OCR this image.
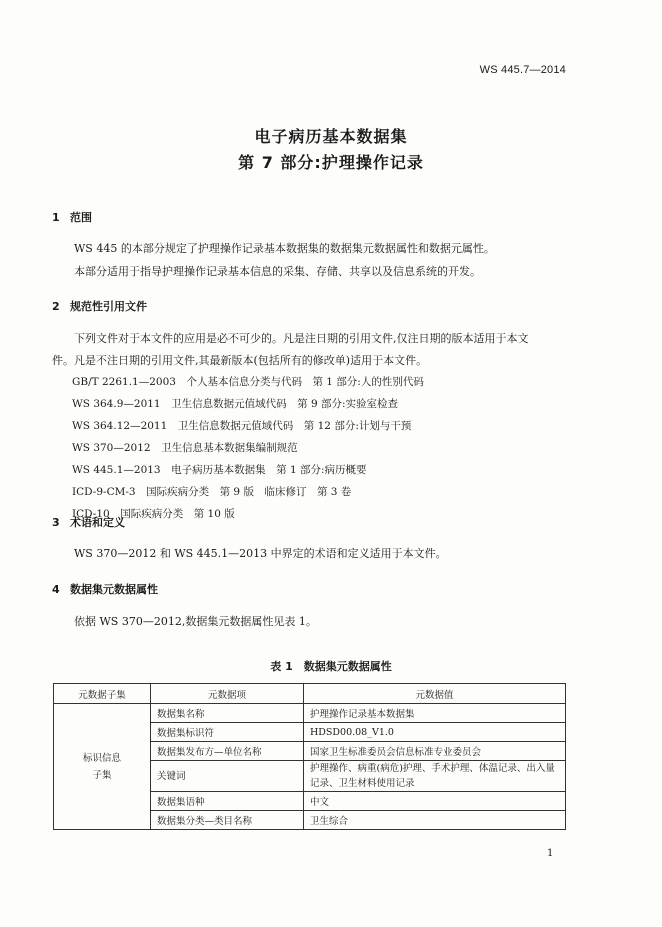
WS 445.7—2014
电子病历基本数据集
第 7 部分:护理操作记录
1 范围
WS 445 的本部分规定了护理操作记录基本数据集的数据集元数据属性和数据元属性。
本部分适用于指导护理操作记录基本信息的采集、存储、共享以及信息系统的开发。
2 规范性引用文件
下列文件对于本文件的应用是必不可少的。凡是注日期的引用文件,仅注日期的版本适用于本文
件。凡是不注日期的引用文件,其最新版本(包括所有的修改单)适用于本文件。
GB/T 2261.1—2003　个人基本信息分类与代码　第 1 部分:人的性别代码
WS 364.9—2011　卫生信息数据元值域代码　第 9 部分:实验室检查
WS 364.12—2011　卫生信息数据元值域代码　第 12 部分:计划与干预
WS 370—2012　卫生信息基本数据集编制规范
WS 445.1—2013　电子病历基本数据集　第 1 部分:病历概要
ICD-9-CM-3　国际疾病分类　第 9 版　临床修订　第 3 卷
ICD-10　国际疾病分类　第 10 版
3 术语和定义
WS 370—2012 和 WS 445.1—2013 中界定的术语和定义适用于本文件。
4 数据集元数据属性
依据 WS 370—2012,数据集元数据属性见表 1。
表 1　数据集元数据属性
元数据子集	元数据项	元数据值

标识信息
子集	数据集名称	护理操作记录基本数据集
	数据集标识符	HDSD00.08_V1.0
	数据集发布方—单位名称	国家卫生标准委员会信息标准专业委员会
	关键词	护理操作、病重(病危)护理、手术护理、体温记录、出入量
记录、卫生材料使用记录

	数据集语种	中文
	数据集分类—类目名称	卫生综合
1
